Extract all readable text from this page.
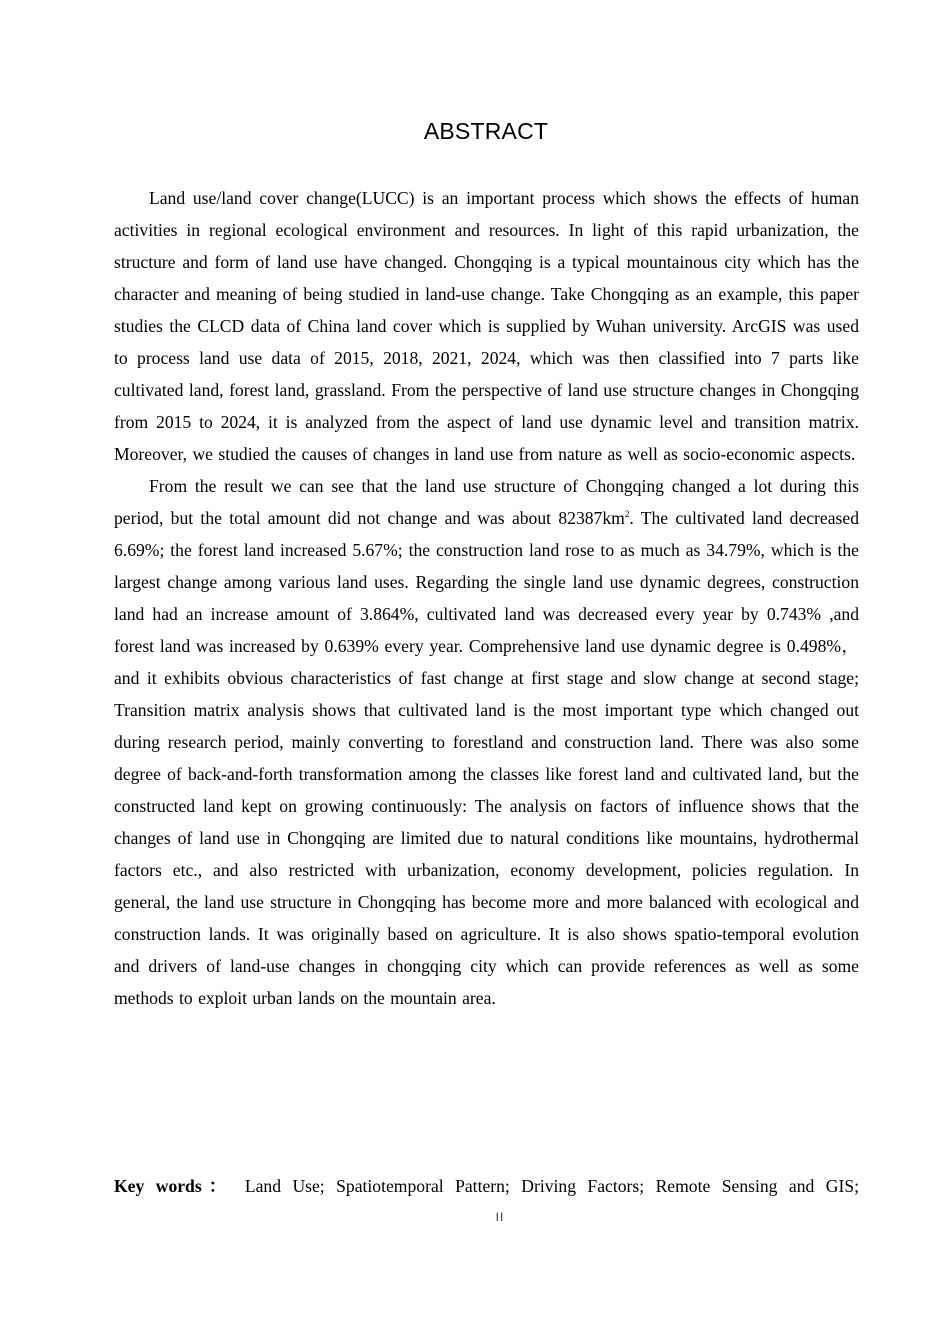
ABSTRACT

Land use/land cover change(LUCC) is an important process which shows the effects of human activities in regional ecological environment and resources. In light of this rapid urbanization, the structure and form of land use have changed. Chongqing is a typical mountainous city which has the character and meaning of being studied in land-use change. Take Chongqing as an example, this paper studies the CLCD data of China land cover which is supplied by Wuhan university. ArcGIS was used to process land use data of 2015, 2018, 2021, 2024, which was then classified into 7 parts like cultivated land, forest land, grassland. From the perspective of land use structure changes in Chongqing from 2015 to 2024, it is analyzed from the aspect of land use dynamic level and transition matrix. Moreover, we studied the causes of changes in land use from nature as well as socio-economic aspects.

From the result we can see that the land use structure of Chongqing changed a lot during this period, but the total amount did not change and was about $82387km^2$. The cultivated land decreased 6.69%; the forest land increased 5.67%; the construction land rose to as much as 34.79%, which is the largest change among various land uses. Regarding the single land use dynamic degrees, construction land had an increase amount of 3.864%, cultivated land was decreased every year by 0.743% ,and forest land was increased by 0.639% every year. Comprehensive land use dynamic degree is 0.498%， and it exhibits obvious characteristics of fast change at first stage and slow change at second stage; Transition matrix analysis shows that cultivated land is the most important type which changed out during research period, mainly converting to forestland and construction land. There was also some degree of back-and-forth transformation among the classes like forest land and cultivated land, but the constructed land kept on growing continuously: The analysis on factors of influence shows that the changes of land use in Chongqing are limited due to natural conditions like mountains, hydrothermal factors etc., and also restricted with urbanization, economy development, policies regulation. In general, the land use structure in Chongqing has become more and more balanced with ecological and construction lands. It was originally based on agriculture. It is also shows spatio-temporal evolution and drivers of land-use changes in chongqing city which can provide references as well as some methods to exploit urban lands on the mountain area.

Key words： Land Use; Spatiotemporal Pattern; Driving Factors; Remote Sensing and GIS;
II
